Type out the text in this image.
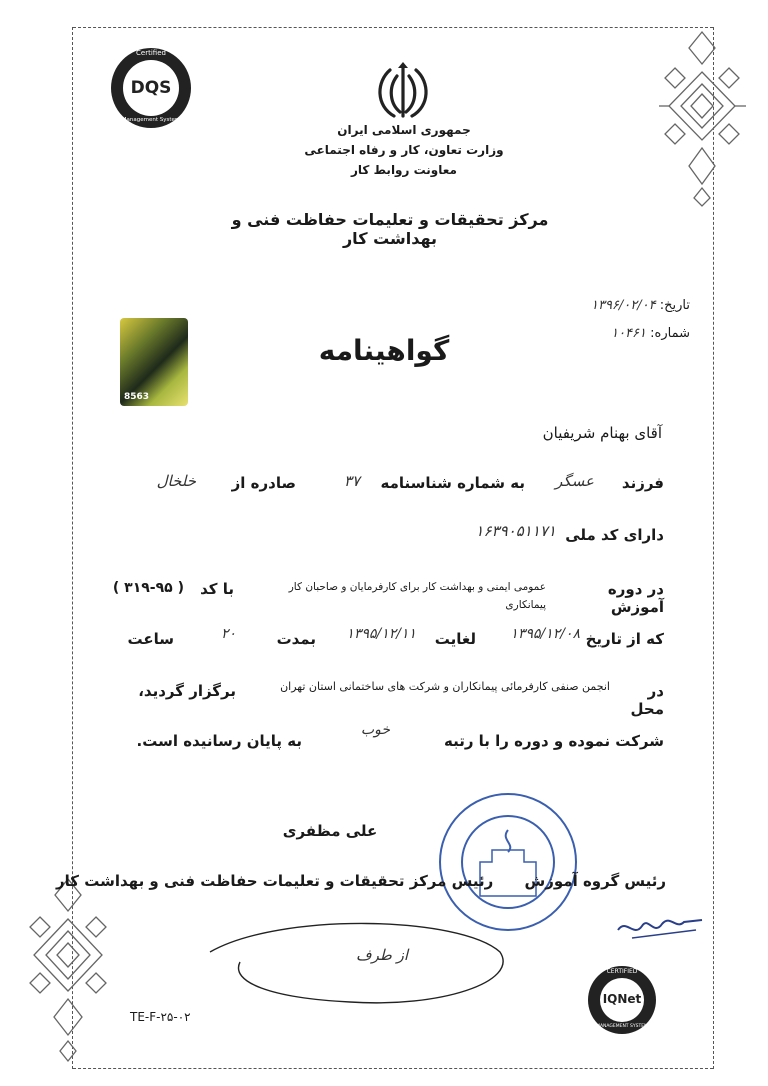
Certified
DQS
Management System
جمهوری اسلامی ایران
وزارت تعاون، کار و رفاه اجتماعی
معاونت روابط کار
مرکز تحقیقات و تعلیمات حفاظت فنی و بهداشت کار
تاریخ: ۱۳۹۶/۰۲/۰۴
شماره: ۱۰۴۶۱
8563
گواهینامه
آقای بهنام شریفیان
فرزند
عسگر
به شماره شناسنامه
۳۷
صادره از
خلخال
دارای کد ملی
۱۶۳۹۰۵۱۱۷۱
در دوره آموزش
عمومی ایمنی و بهداشت کار برای کارفرمایان و صاحبان کار
پیمانکاری
با کد
( ۳۱۹-۹۵ )
که از تاریخ
۱۳۹۵/۱۲/۰۸
لغایت
۱۳۹۵/۱۲/۱۱
بمدت
۲۰
ساعت
در محل
انجمن صنفی کارفرمائی پیمانکاران و شرکت های ساختمانی استان تهران
برگزار گردید،
شرکت نموده و دوره را با رتبه
خوب
به پایان رسانیده است.
علی مظفری
رئیس گروه آموزش      رئیس مرکز تحقیقات و تعلیمات حفاظت فنی و بهداشت کار
از طرف
CERTIFIED
IQNet
MANAGEMENT SYSTEM
TE-F-۲۵-۰۲
